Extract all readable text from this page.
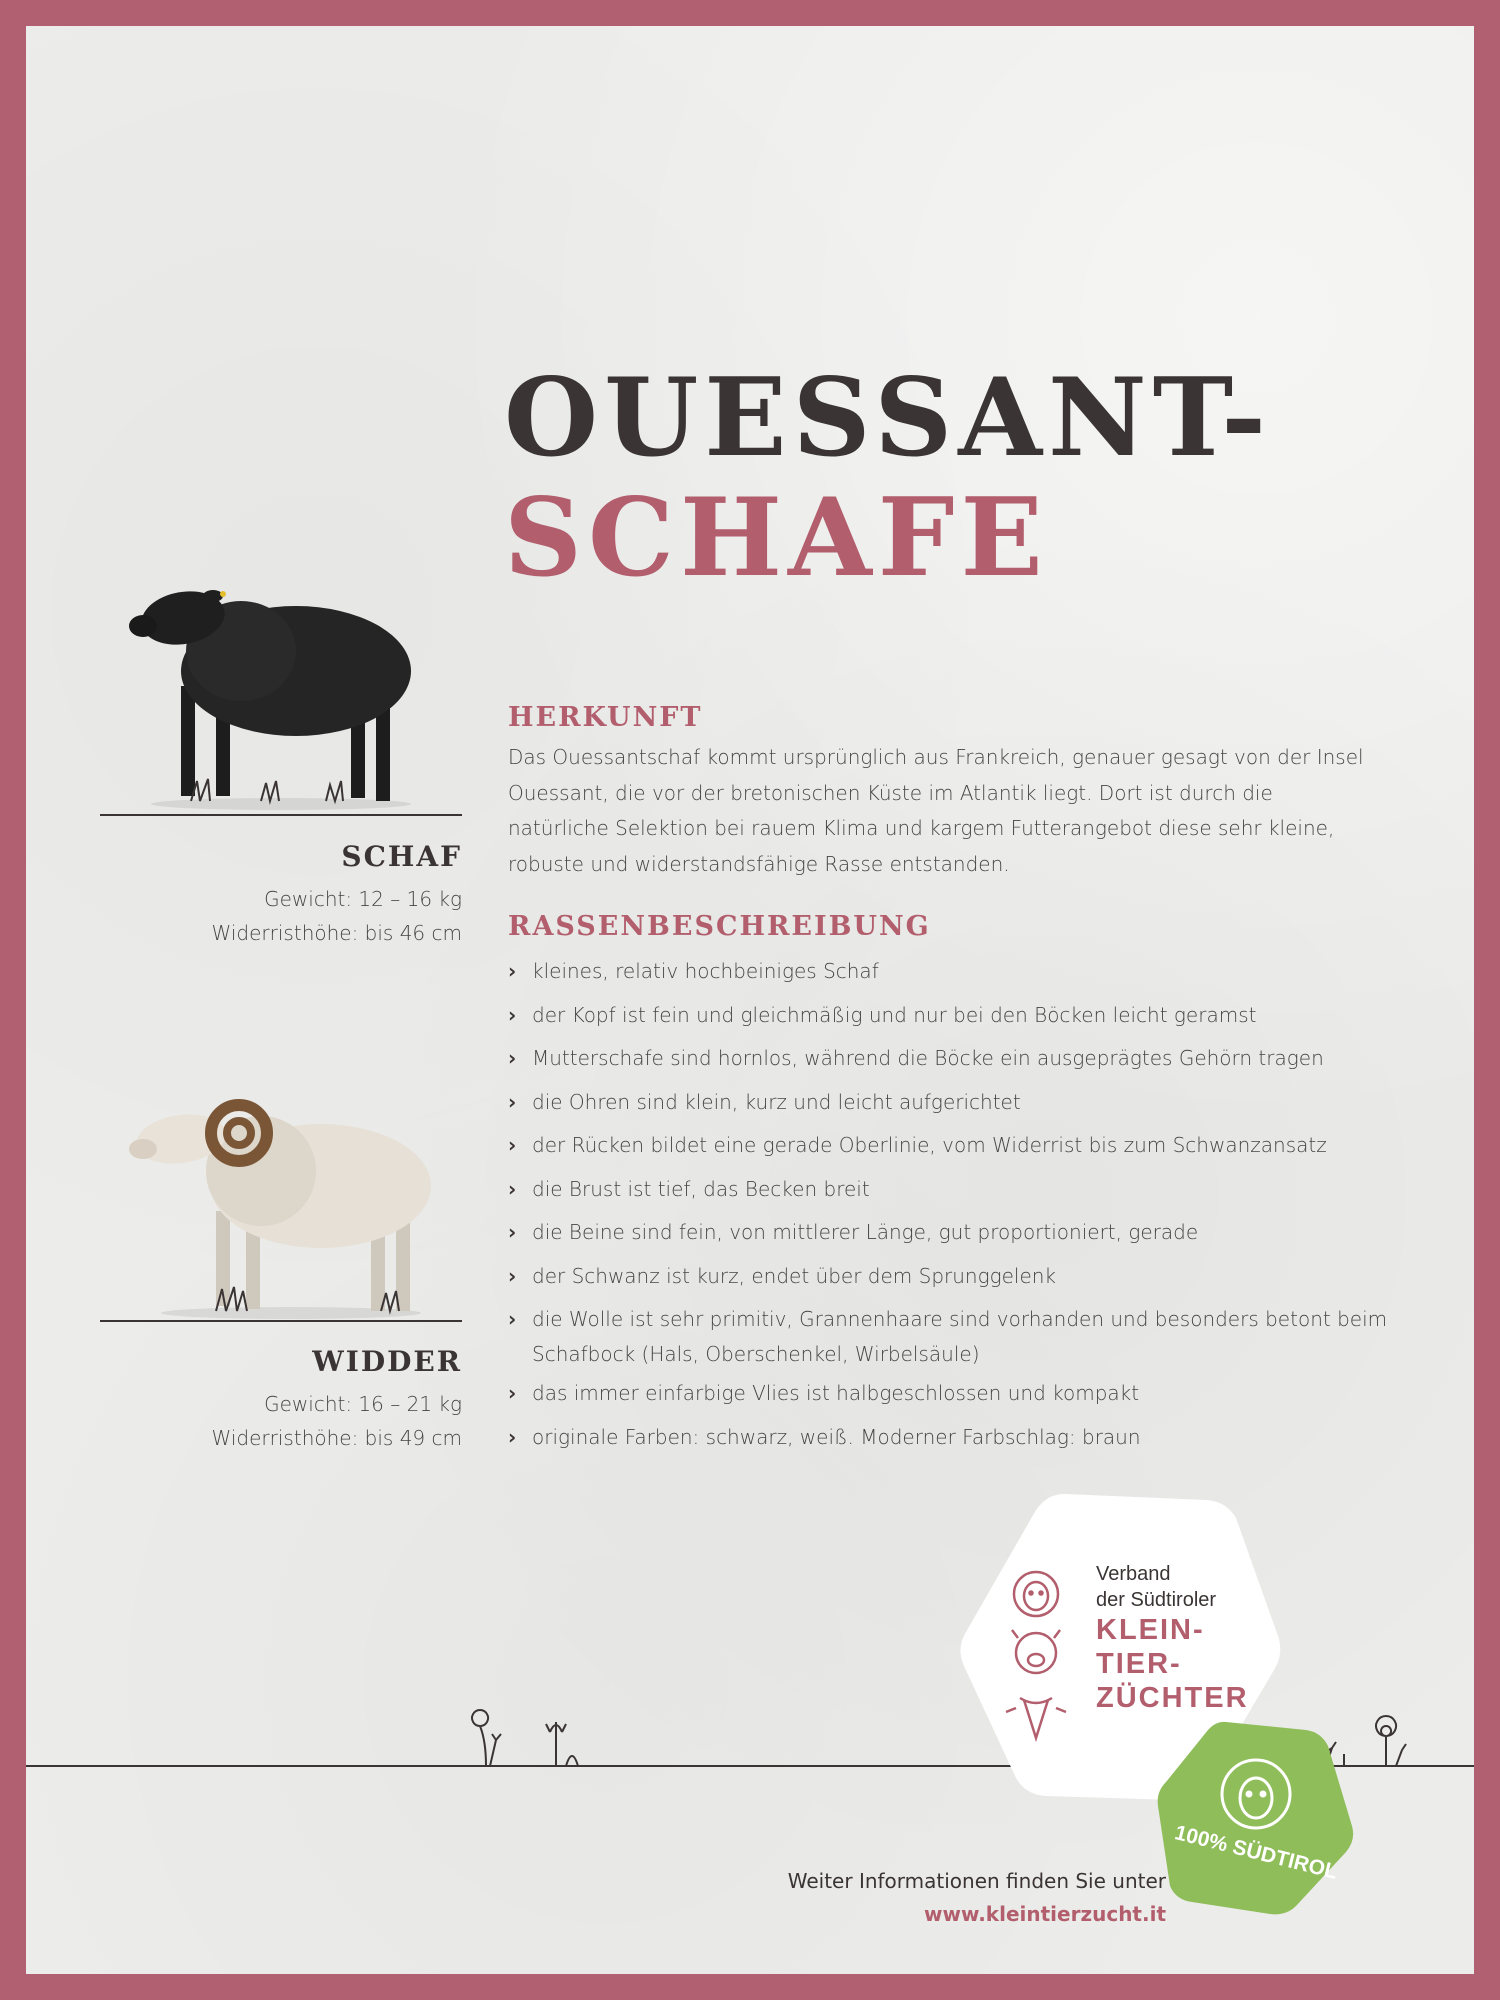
OUESSANT-
SCHAFE
SCHAF
Gewicht: 12 – 16 kg
Widerristhöhe: bis 46 cm
WIDDER
Gewicht: 16 – 21 kg
Widerristhöhe: bis 49 cm
HERKUNFT

Das Ouessantschaf kommt ursprünglich aus Frankreich, genauer gesagt von der Insel Ouessant, die vor der bretonischen Küste im Atlantik liegt. Dort ist durch die natürliche Selektion bei rauem Klima und kargem Futterangebot diese sehr kleine, robuste und widerstandsfähige Rasse entstanden.

RASSENBESCHREIBUNG
› kleines, relativ hochbeiniges Schaf
› der Kopf ist fein und gleichmäßig und nur bei den Böcken leicht geramst
› Mutterschafe sind hornlos, während die Böcke ein ausgeprägtes Gehörn tragen
› die Ohren sind klein, kurz und leicht aufgerichtet
› der Rücken bildet eine gerade Oberlinie, vom Widerrist bis zum Schwanzansatz
› die Brust ist tief, das Becken breit
› die Beine sind fein, von mittlerer Länge, gut proportioniert, gerade
› der Schwanz ist kurz, endet über dem Sprunggelenk
› die Wolle ist sehr primitiv, Grannenhaare sind vorhanden und besonders betont beim Schafbock (Hals, Oberschenkel, Wirbelsäule)
› das immer einfarbige Vlies ist halbgeschlossen und kompakt
› originale Farben: schwarz, weiß. Moderner Farbschlag: braun
Weiter Informationen finden Sie unter
www.kleintierzucht.it
Verband
der Südtiroler
KLEIN-
TIER-
ZÜCHTER
100% SÜDTIROL
